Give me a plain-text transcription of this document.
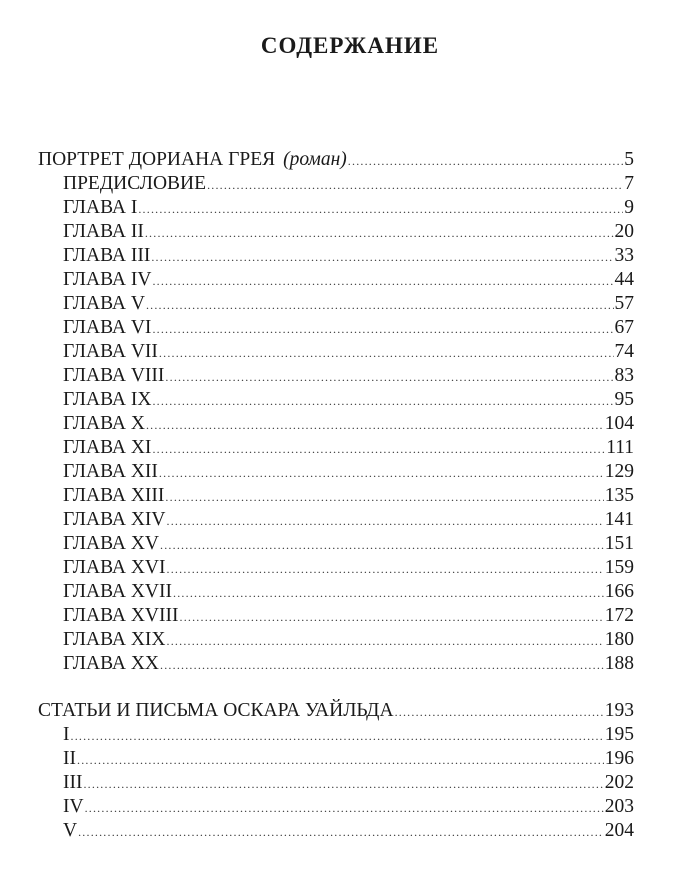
СОДЕРЖАНИЕ
ПОРТРЕТ ДОРИАНА ГРЕЯ (роман) .....	5
ПРЕДИСЛОВИЕ .....	7
ГЛАВА I .....	9
ГЛАВА II .....	20
ГЛАВА III .....	33
ГЛАВА IV .....	44
ГЛАВА V .....	57
ГЛАВА VI .....	67
ГЛАВА VII .....	74
ГЛАВА VIII .....	83
ГЛАВА IX .....	95
ГЛАВА X .....	104
ГЛАВА XI .....	111
ГЛАВА XII .....	129
ГЛАВА XIII .....	135
ГЛАВА XIV .....	141
ГЛАВА XV .....	151
ГЛАВА XVI .....	159
ГЛАВА XVII .....	166
ГЛАВА XVIII .....	172
ГЛАВА XIX .....	180
ГЛАВА XX .....	188
СТАТЬИ И ПИСЬМА ОСКАРА УАЙЛЬДА .....	193
I .....	195
II .....	196
III .....	202
IV .....	203
V .....	204
